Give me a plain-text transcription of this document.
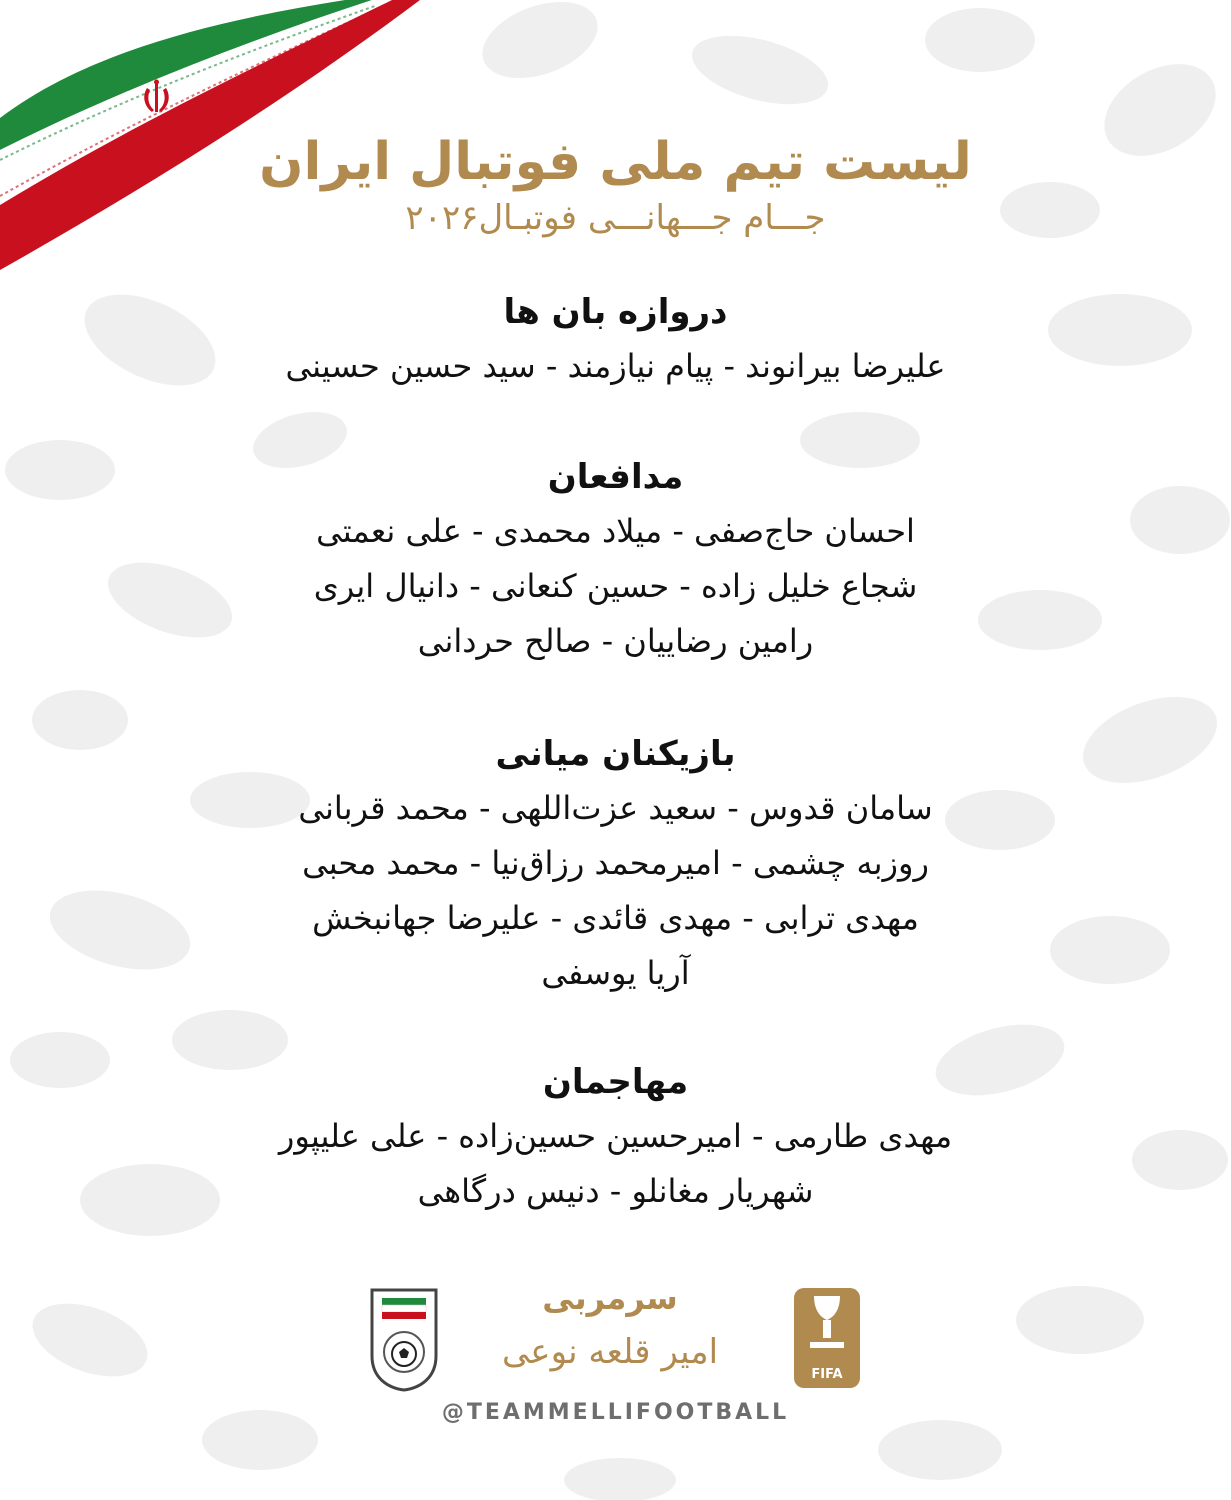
لیست تیم ملی فوتبال ایران
جـــام جـــهانـــی فوتبـال۲۰۲۶
دروازه بان ها
علیرضا بیرانوند - پیام نیازمند - سید حسین حسینی
مدافعان
احسان حاج‌صفی - میلاد محمدی - علی نعمتی
شجاع خلیل زاده - حسین کنعانی - دانیال ایری
رامین رضاییان - صالح حردانی
بازیکنان میانی
سامان قدوس - سعید عزت‌اللهی - محمد قربانی
روزبه چشمی - امیرمحمد رزاق‌نیا - محمد محبی
مهدی ترابی - مهدی قائدی - علیرضا جهانبخش
آریا یوسفی
مهاجمان
مهدی طارمی - امیرحسین حسین‌زاده - علی علیپور
شهریار مغانلو - دنیس درگاهی
سرمربی
امیر قلعه نوعی
@TEAMMELLIFOOTBALL
FIFA
